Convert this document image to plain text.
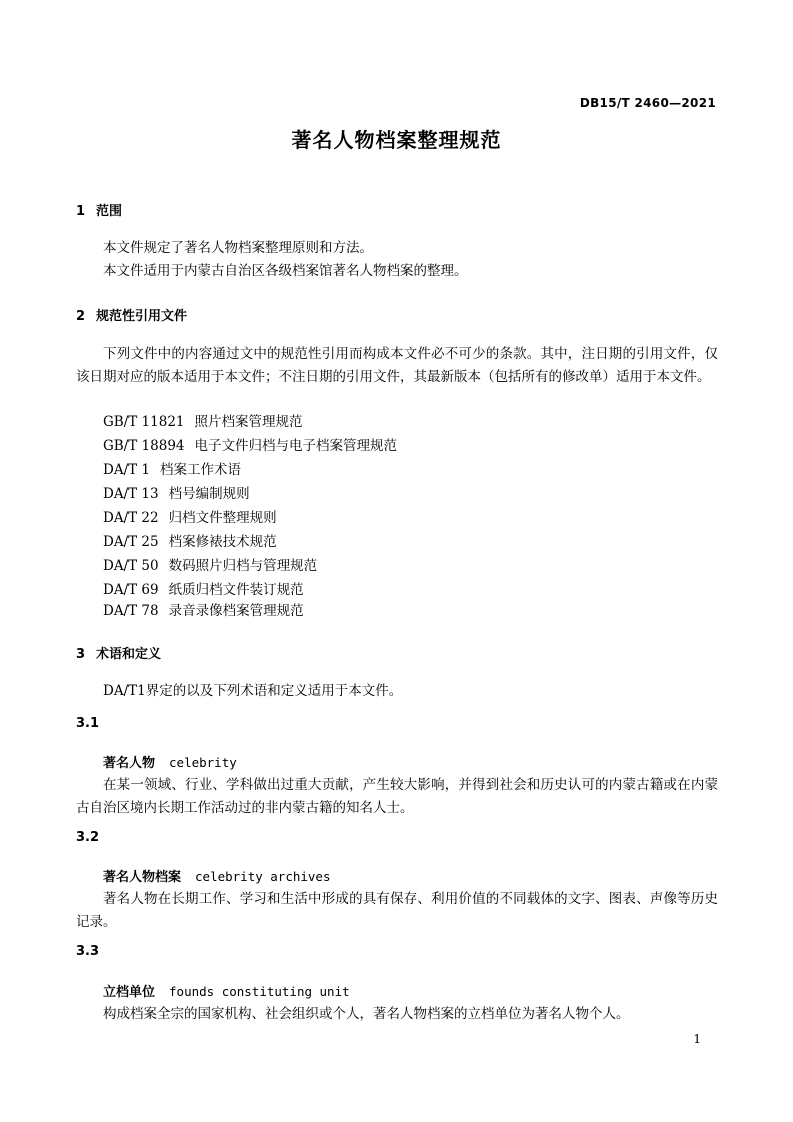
DB15/T 2460—2021
著名人物档案整理规范
1 范围
本文件规定了著名人物档案整理原则和方法。
本文件适用于内蒙古自治区各级档案馆著名人物档案的整理。
2 规范性引用文件
下列文件中的内容通过文中的规范性引用而构成本文件必不可少的条款。其中，注日期的引用文件，仅该日期对应的版本适用于本文件；不注日期的引用文件，其最新版本（包括所有的修改单）适用于本文件。
GB/T 11821 照片档案管理规范
GB/T 18894 电子文件归档与电子档案管理规范
DA/T 1 档案工作术语
DA/T 13 档号编制规则
DA/T 22 归档文件整理规则
DA/T 25 档案修裱技术规范
DA/T 50 数码照片归档与管理规范
DA/T 69 纸质归档文件装订规范
DA/T 78 录音录像档案管理规范
3 术语和定义
DA/T1界定的以及下列术语和定义适用于本文件。
3.1
著名人物 celebrity
在某一领域、行业、学科做出过重大贡献，产生较大影响，并得到社会和历史认可的内蒙古籍或在内蒙古自治区境内长期工作活动过的非内蒙古籍的知名人士。
3.2
著名人物档案 celebrity archives
著名人物在长期工作、学习和生活中形成的具有保存、利用价值的不同载体的文字、图表、声像等历史记录。
3.3
立档单位 founds constituting unit
构成档案全宗的国家机构、社会组织或个人，著名人物档案的立档单位为著名人物个人。
1
